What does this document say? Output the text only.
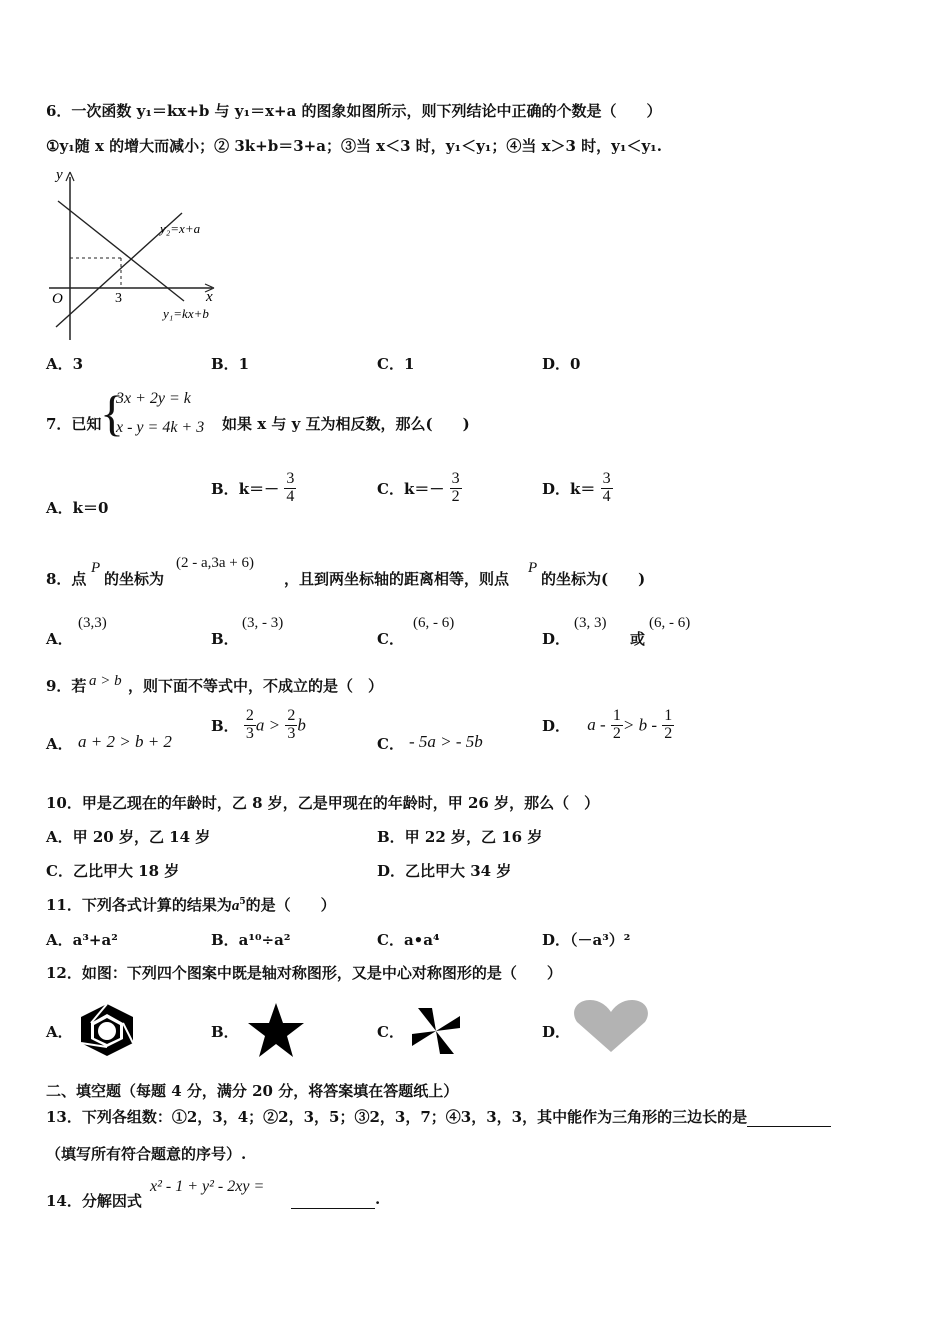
6．一次函数 y₁＝kx+b 与 y₁＝x+a 的图象如图所示，则下列结论中正确的个数是（　　）
①y₁随 x 的增大而减小；② 3k+b＝3+a；③当 x＜3 时，y₁＜y₁；④当 x＞3 时，y₁＜y₁.
y
x
O	3
y₂=x+a
y₁=kx+b
A．3	B．1	C．1	D．0
7．已知
{
3x + 2y = k
x - y = 4k + 3 如果 x 与 y 互为相反数，那么(　　)
A．k＝0
B．$k=- \frac{3}{4}$	C．$k=- \frac{3}{2}$	D．$k= \frac{3}{4}$
8．点
P
的坐标为
(2 - a,3a + 6)
，且到两坐标轴的距离相等，则点
P
的坐标为(　　)
A．
(3,3)
B．
(3, - 3)
C．
(6, - 6)
D．
(3, 3)
或
(6, - 6)
9．若 a > b ，则下面不等式中，不成立的是（　）
A． a + 2 > b + 2
B． $\frac{2}{3}$ $a > \frac{2}{3}$ b
C． - 5a > - 5b
D． $a - \frac{1}{2} > b - \frac{1}{2}$
10．甲是乙现在的年龄时，乙 8 岁，乙是甲现在的年龄时，甲 26 岁，那么（　）
A．甲 20 岁，乙 14 岁	B．甲 22 岁，乙 16 岁
C．乙比甲大 18 岁	D．乙比甲大 34 岁
11．下列各式计算的结果为$a^5$的是（　　）
A．a³+a²	B．a¹⁰÷a²	C．a•a⁴	D．（－a³）²
12．如图：下列四个图案中既是轴对称图形，又是中心对称图形的是（　　）
A．	B．	C．	D．
二、填空题（每题 4 分，满分 20 分，将答案填在答题纸上）
13．下列各组数：①2，3，4；②2，3，5；③2，3，7；④3，3，3，其中能作为三角形的三边长的是
（填写所有符合题意的序号）.
14．分解因式
x² - 1 + y² - 2xy =
.
